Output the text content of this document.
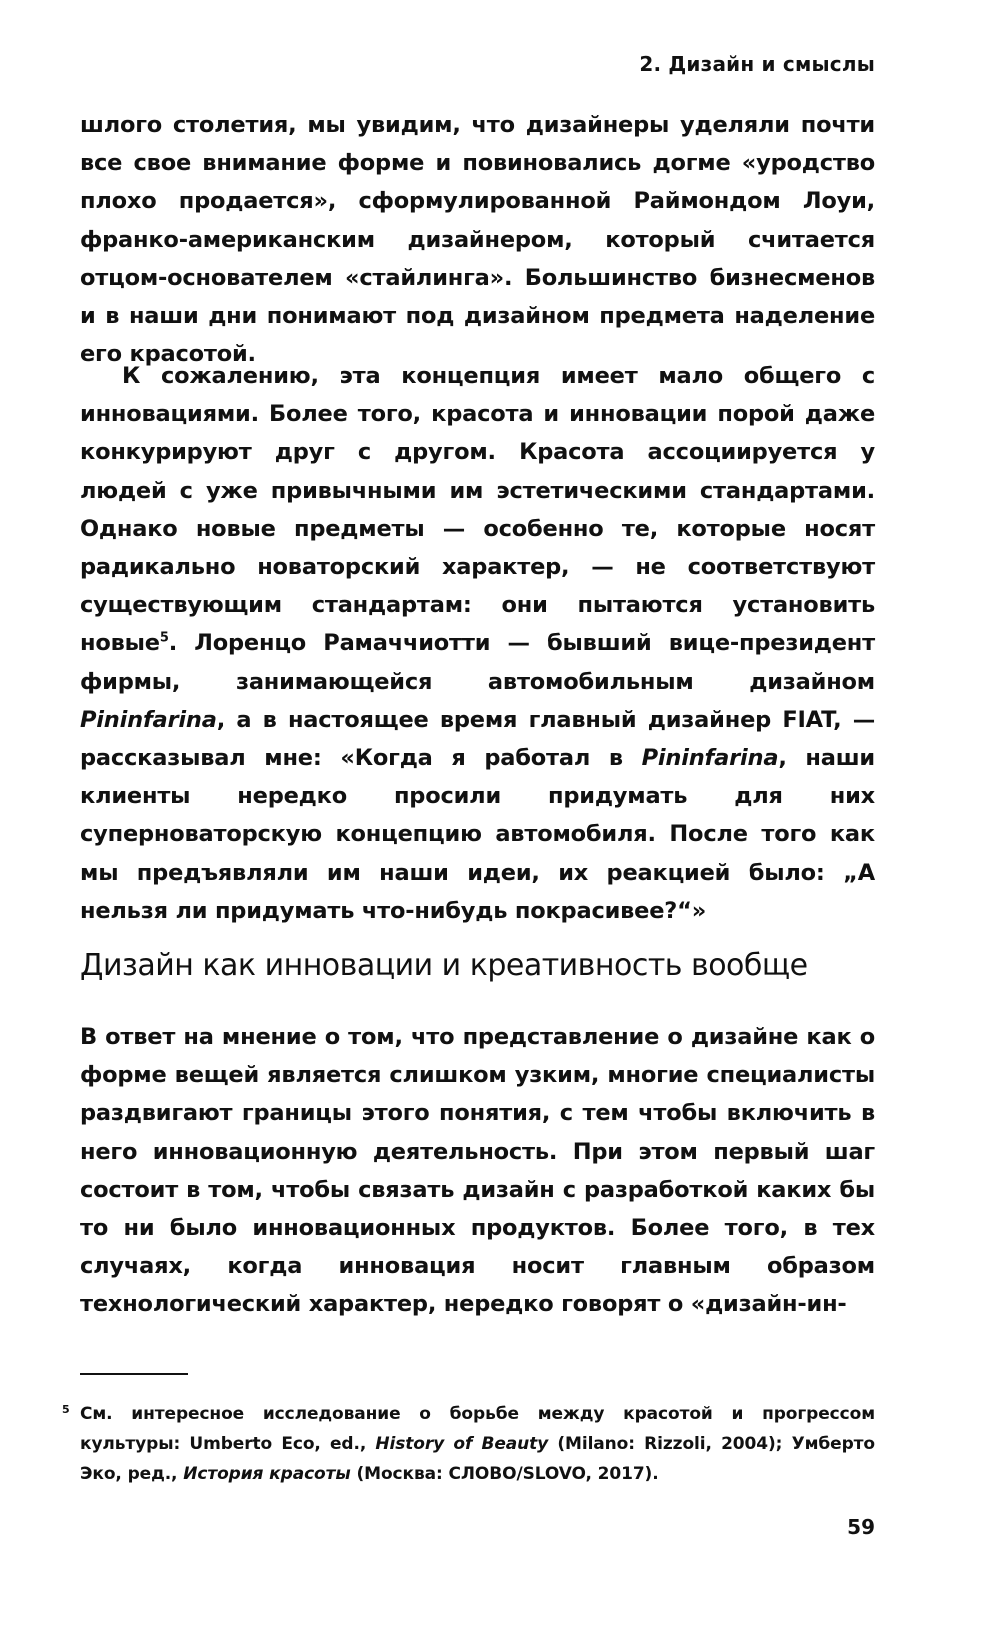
2. Дизайн и смыслы
шлого столетия, мы увидим, что дизайнеры уделяли почти все свое внимание форме и повиновались догме «уродство плохо продается», сформулированной Раймондом Лоуи, франко-американским дизайнером, который считается отцом-основателем «стайлинга». Большинство бизнесменов и в наши дни понимают под дизайном предмета наделение его красотой.
К сожалению, эта концепция имеет мало общего с инновациями. Более того, красота и инновации порой даже конкурируют друг с другом. Красота ассоциируется у людей с уже привычными им эстетическими стандартами. Однако новые предметы — особенно те, которые носят радикально новаторский характер, — не соответствуют существующим стандартам: они пытаются установить новые$^5$. Лоренцо Рамаччиотти — бывший вице-президент фирмы, занимающейся автомобильным дизайном Pininfarina, а в настоящее время главный дизайнер FIAT, — рассказывал мне: «Когда я работал в Pininfarina, наши клиенты нередко просили придумать для них суперноваторскую концепцию автомобиля. После того как мы предъявляли им наши идеи, их реакцией было: „А нельзя ли придумать что-нибудь покрасивее?“»
Дизайн как инновации и креативность вообще
В ответ на мнение о том, что представление о дизайне как о форме вещей является слишком узким, многие специалисты раздвигают границы этого понятия, с тем чтобы включить в него инновационную деятельность. При этом первый шаг состоит в том, чтобы связать дизайн с разработкой каких бы то ни было инновационных продуктов. Более того, в тех случаях, когда инновация носит главным образом технологический характер, нередко говорят о «дизайн-ин-
5 См. интересное исследование о борьбе между красотой и прогрессом культуры: Umberto Eco, ed., History of Beauty (Milano: Rizzoli, 2004); Умберто Эко, ред., История красоты (Москва: СЛОВО/SLOVO, 2017).
59
